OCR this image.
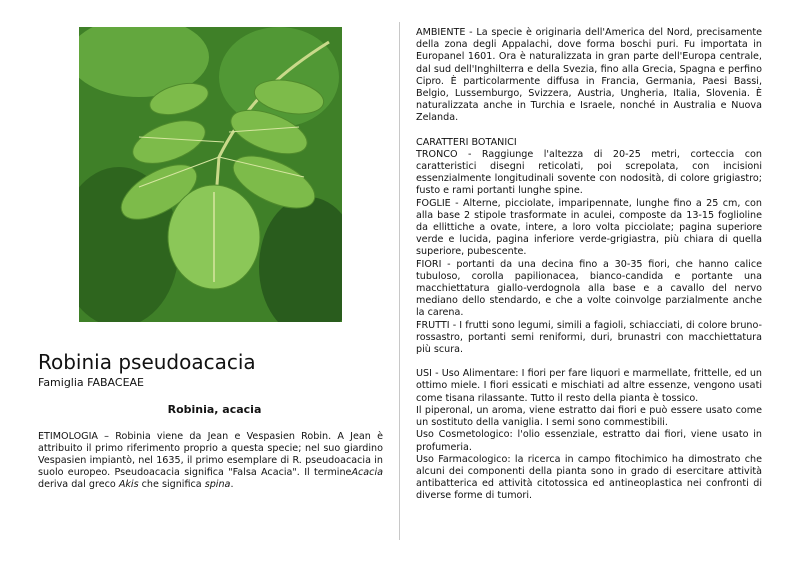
Robinia pseudoacacia
Famiglia FABACEAE
Robinia, acacia

ETIMOLOGIA – Robinia viene da Jean e Vespasien Robin. A Jean è attribuito il primo riferimento proprio a questa specie; nel suo giardino Vespasien impiantò, nel 1635, il primo esemplare di R. pseudoacacia in suolo europeo. Pseudoacacia significa "Falsa Acacia". Il termineAcacia deriva dal greco Akis che significa spina.

AMBIENTE - La specie è originaria dell'America del Nord, precisamente della zona degli Appalachi, dove forma boschi puri. Fu importata in Europanel 1601. Ora è naturalizzata in gran parte dell'Europa centrale, dal sud dell'Inghilterra e della Svezia, fino alla Grecia, Spagna e perfino Cipro. È particolarmente diffusa in Francia, Germania, Paesi Bassi, Belgio, Lussemburgo, Svizzera, Austria, Ungheria, Italia, Slovenia. È naturalizzata anche in Turchia e Israele, nonché in Australia e Nuova Zelanda.

CARATTERI BOTANICI

TRONCO - Raggiunge l'altezza di 20-25 metri, corteccia con caratteristici disegni reticolati, poi screpolata, con incisioni essenzialmente longitudinali sovente con nodosità, di colore grigiastro; fusto e rami portanti lunghe spine.

FOGLIE - Alterne, picciolate, imparipennate, lunghe fino a 25 cm, con alla base 2 stipole trasformate in aculei, composte da 13-15 foglioline da ellittiche a ovate, intere, a loro volta picciolate; pagina superiore verde e lucida, pagina inferiore verde-grigiastra, più chiara di quella superiore, pubescente.

FIORI - portanti da una decina fino a 30-35 fiori, che hanno calice tubuloso, corolla papilionacea, bianco-candida e portante una macchiettatura giallo-verdognola alla base e a cavallo del nervo mediano dello stendardo, e che a volte coinvolge parzialmente anche la carena.

FRUTTI - I frutti sono legumi, simili a fagioli, schiacciati, di colore bruno-rossastro, portanti semi reniformi, duri, brunastri con macchiettatura più scura.

USI - Uso Alimentare: I fiori per fare liquori e marmellate, frittelle, ed un ottimo miele. I fiori essicati e mischiati ad altre essenze, vengono usati come tisana rilassante. Tutto il resto della pianta è tossico.

Il piperonal, un aroma, viene estratto dai fiori e può essere usato come un sostituto della vaniglia. I semi sono commestibili.

Uso Cosmetologico: l'olio essenziale, estratto dai fiori, viene usato in profumeria.

Uso Farmacologico: la ricerca in campo fitochimico ha dimostrato che alcuni dei componenti della pianta sono in grado di esercitare attività antibatterica ed attività citotossica ed antineoplastica nei confronti di diverse forme di tumori.
